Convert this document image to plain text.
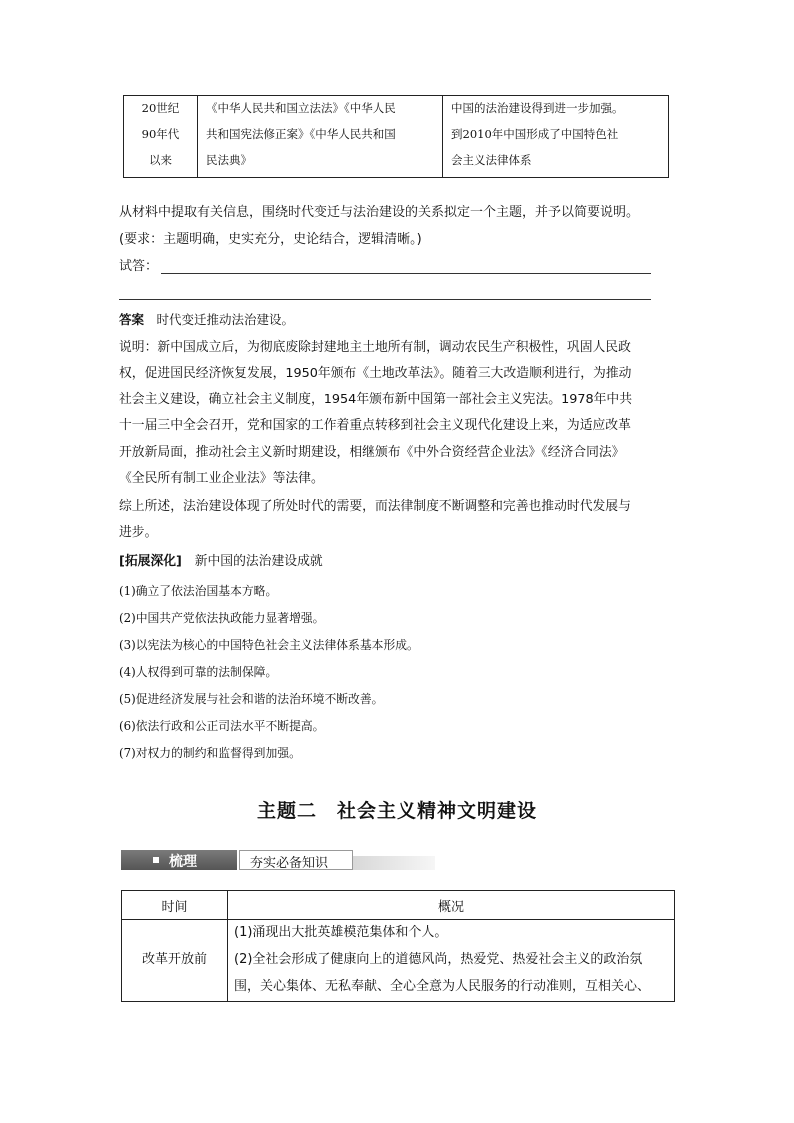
20世纪
90年代
以来
《中华人民共和国立法法》《中华人民
共和国宪法修正案》《中华人民共和国
民法典》
中国的法治建设得到进一步加强。
到2010年中国形成了中国特色社
会主义法律体系
从材料中提取有关信息，围绕时代变迁与法治建设的关系拟定一个主题，并予以简要说明。
(要求：主题明确，史实充分，史论结合，逻辑清晰。)
试答：
答案　 时代变迁推动法治建设。
说明：新中国成立后，为彻底废除封建地主土地所有制，调动农民生产积极性，巩固人民政
权，促进国民经济恢复发展，1950年颁布《土地改革法》。随着三大改造顺利进行，为推动
社会主义建设，确立社会主义制度，1954年颁布新中国第一部社会主义宪法。1978年中共
十一届三中全会召开，党和国家的工作着重点转移到社会主义现代化建设上来，为适应改革
开放新局面，推动社会主义新时期建设，相继颁布《中外合资经营企业法》《经济合同法》
《全民所有制工业企业法》等法律。
综上所述，法治建设体现了所处时代的需要，而法律制度不断调整和完善也推动时代发展与
进步。
[拓展深化]　 新中国的法治建设成就
(1)确立了依法治国基本方略。
(2)中国共产党依法执政能力显著增强。
(3)以宪法为核心的中国特色社会主义法律体系基本形成。
(4)人权得到可靠的法制保障。
(5)促进经济发展与社会和谐的法治环境不断改善。
(6)依法行政和公正司法水平不断提高。
(7)对权力的制约和监督得到加强。
主题二　社会主义精神文明建设
梳理	夯实必备知识
时间	概况
改革开放前
(1)涌现出大批英雄模范集体和个人。
(2)全社会形成了健康向上的道德风尚，热爱党、热爱社会主义的政治氛
围，关心集体、无私奉献、全心全意为人民服务的行动准则，互相关心、
